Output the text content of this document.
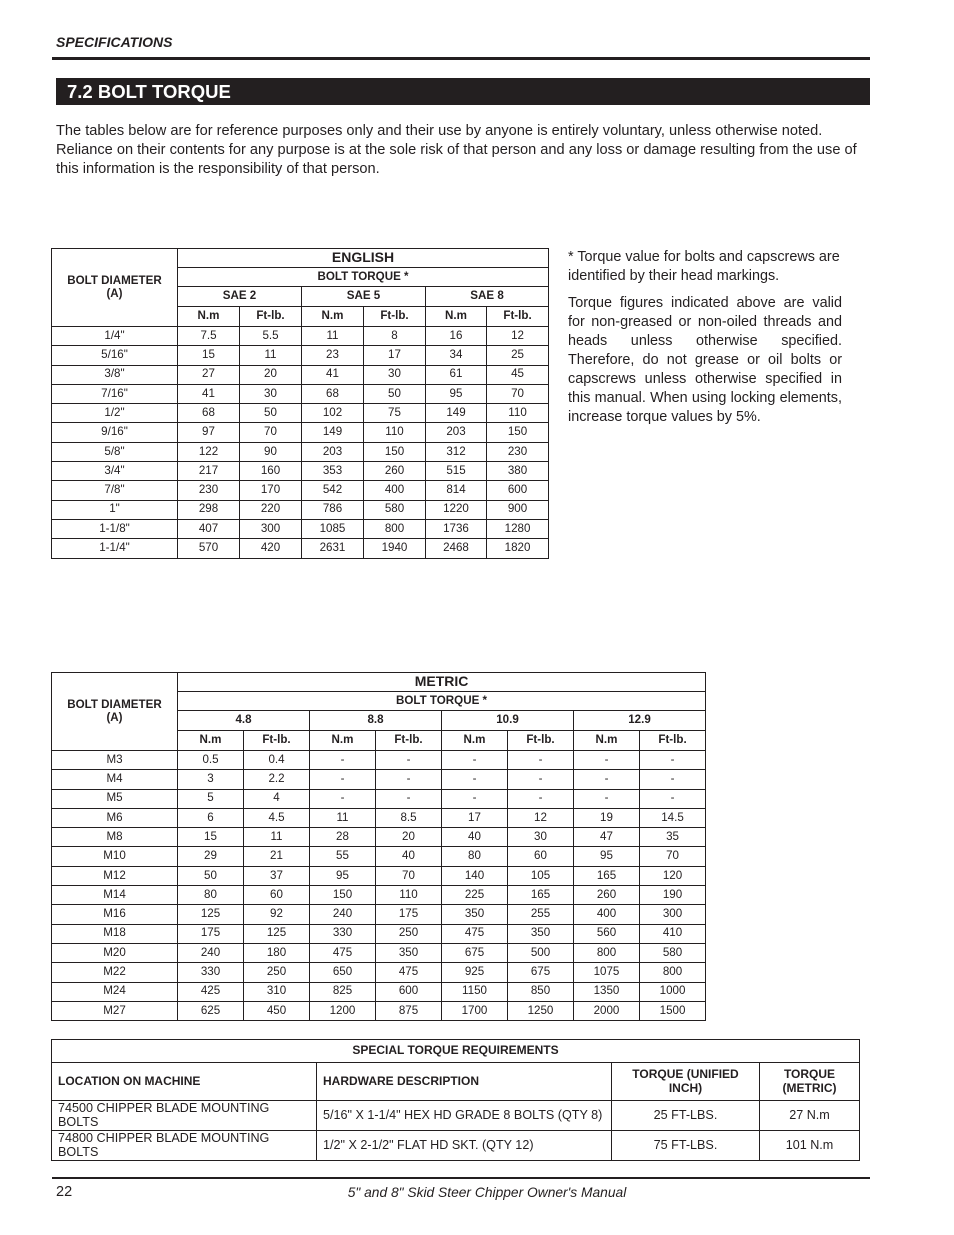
SPECIFICATIONS
7.2 BOLT TORQUE

The tables below are for reference purposes only and their use by anyone is entirely voluntary, unless otherwise noted. Reliance on their contents for any purpose is at the sole risk of that person and any loss or damage resulting from the use of this information is the responsibility of that person.

BOLT DIAMETER (A)	ENGLISH					
	BOLT TORQUE *					
	SAE 2		SAE 5		SAE 8	
	N.m	Ft-lb.	N.m	Ft-lb.	N.m	Ft-lb.
1/4"	7.5	5.5	11	8	16	12
5/16"	15	11	23	17	34	25
3/8"	27	20	41	30	61	45
7/16"	41	30	68	50	95	70
1/2"	68	50	102	75	149	110
9/16"	97	70	149	110	203	150
5/8"	122	90	203	150	312	230
3/4"	217	160	353	260	515	380
7/8"	230	170	542	400	814	600
1"	298	220	786	580	1220	900
1-1/8"	407	300	1085	800	1736	1280
1-1/4"	570	420	2631	1940	2468	1820

* Torque value for bolts and capscrews are identified by their head markings.

Torque figures indicated above are valid for non-greased or non-oiled threads and heads unless otherwise specified. Therefore, do not grease or oil bolts or capscrews unless otherwise specified in this manual. When using locking elements, increase torque values by 5%.

BOLT DIAMETER (A)	METRIC							
	BOLT TORQUE *							
	4.8		8.8		10.9		12.9	
	N.m	Ft-lb.	N.m	Ft-lb.	N.m	Ft-lb.	N.m	Ft-lb.
M3	0.5	0.4	-	-	-	-	-	-
M4	3	2.2	-	-	-	-	-	-
M5	5	4	-	-	-	-	-	-
M6	6	4.5	11	8.5	17	12	19	14.5
M8	15	11	28	20	40	30	47	35
M10	29	21	55	40	80	60	95	70
M12	50	37	95	70	140	105	165	120
M14	80	60	150	110	225	165	260	190
M16	125	92	240	175	350	255	400	300
M18	175	125	330	250	475	350	560	410
M20	240	180	475	350	675	500	800	580
M22	330	250	650	475	925	675	1075	800
M24	425	310	825	600	1150	850	1350	1000
M27	625	450	1200	875	1700	1250	2000	1500
SPECIAL TORQUE REQUIREMENTS			
LOCATION ON MACHINE	HARDWARE DESCRIPTION	TORQUE (UNIFIED INCH)	TORQUE (METRIC)
74500 CHIPPER BLADE MOUNTING BOLTS	5/16" X 1-1/4" HEX HD GRADE 8 BOLTS (QTY 8)	25 FT-LBS.	27 N.m
74800 CHIPPER BLADE MOUNTING BOLTS	1/2" X 2-1/2" FLAT HD SKT. (QTY 12)	75 FT-LBS.	101 N.m
22	5" and 8" Skid Steer Chipper Owner's Manual
